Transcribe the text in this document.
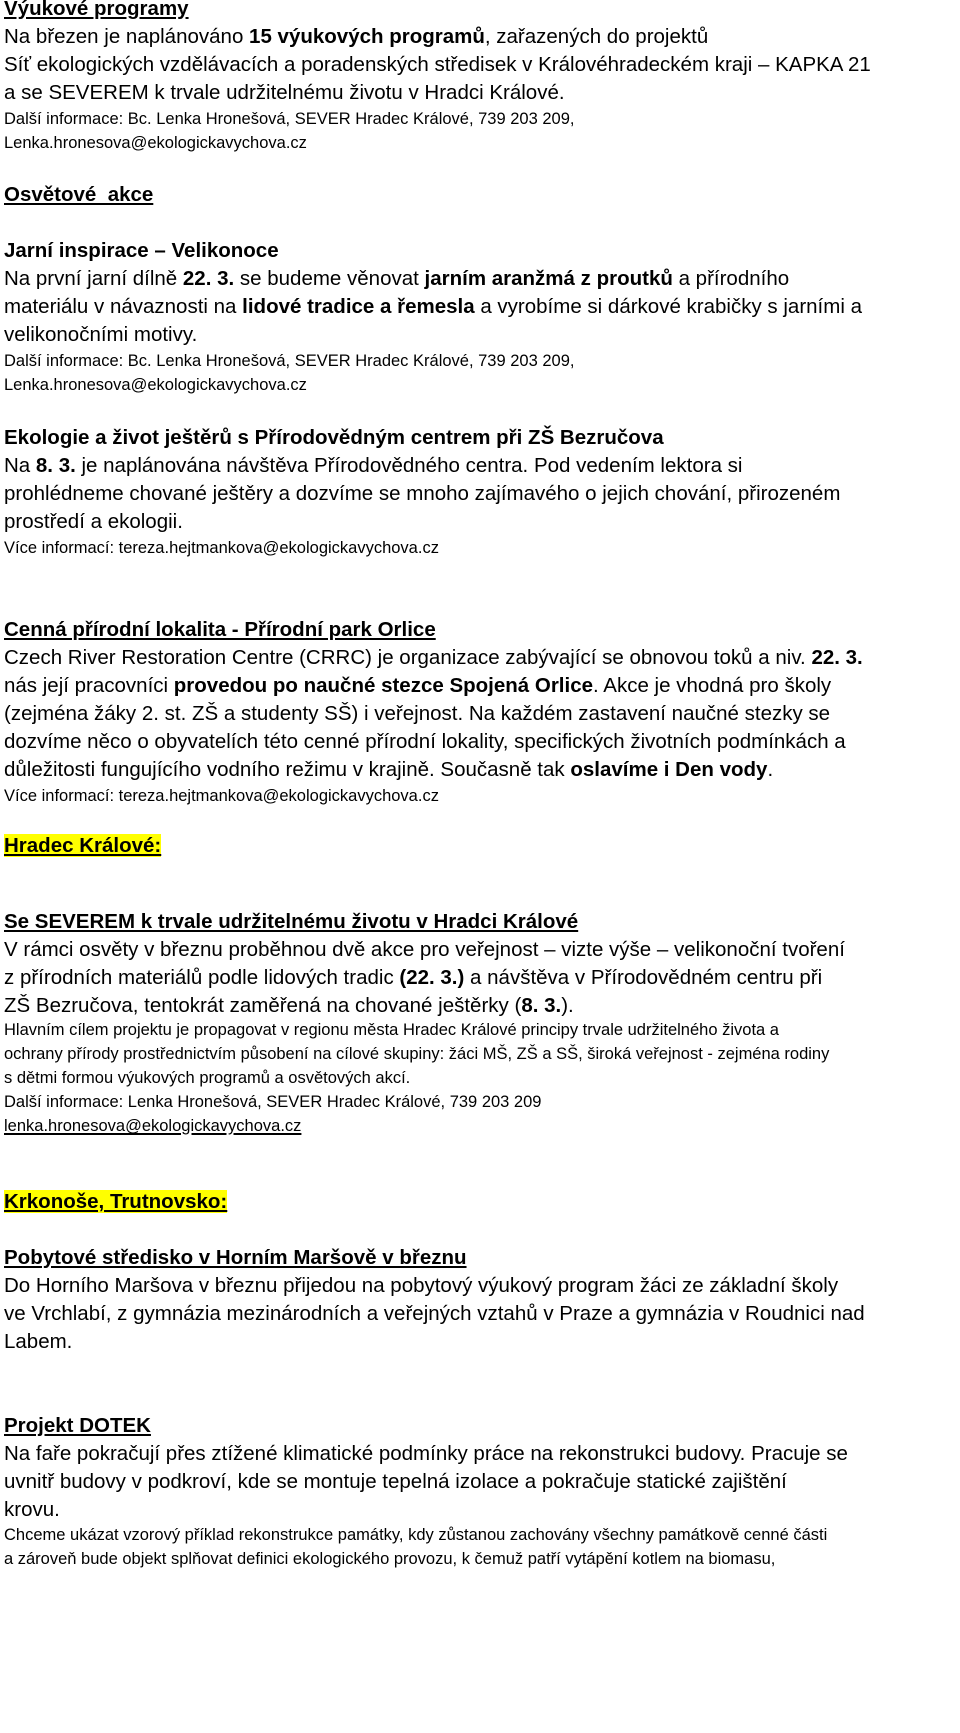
Výukové programy
Na březen je naplánováno 15 výukových programů, zařazených do projektů
Síť ekologických vzdělávacích a poradenských středisek v Královéhradeckém kraji – KAPKA 21
a se SEVEREM k trvale udržitelnému životu v Hradci Králové.
Další informace: Bc. Lenka Hronešová, SEVER Hradec Králové, 739 203 209,
Lenka.hronesova@ekologickavychova.cz
Osvětové  akce
Jarní inspirace – Velikonoce
Na první jarní dílně 22. 3. se budeme věnovat jarním aranžmá z proutků a přírodního
materiálu v návaznosti na lidové tradice a řemesla a vyrobíme si dárkové krabičky s jarními a
velikonočními motivy.
Další informace: Bc. Lenka Hronešová, SEVER Hradec Králové, 739 203 209,
Lenka.hronesova@ekologickavychova.cz
Ekologie a život ještěrů s Přírodovědným centrem při ZŠ Bezručova
Na 8. 3. je naplánována návštěva Přírodovědného centra. Pod vedením lektora si
prohlédneme chované ještěry a dozvíme se mnoho zajímavého o jejich chování, přirozeném
prostředí a ekologii.
Více informací: tereza.hejtmankova@ekologickavychova.cz
Cenná přírodní lokalita - Přírodní park Orlice
Czech River Restoration Centre (CRRC) je organizace zabývající se obnovou toků a niv. 22. 3.
nás její pracovníci provedou po naučné stezce Spojená Orlice. Akce je vhodná pro školy
(zejména žáky 2. st. ZŠ a studenty SŠ) i veřejnost. Na každém zastavení naučné stezky se
dozvíme něco o obyvatelích této cenné přírodní lokality, specifických životních podmínkách a
důležitosti fungujícího vodního režimu v krajině. Současně tak oslavíme i Den vody.
Více informací: tereza.hejtmankova@ekologickavychova.cz
Hradec Králové:
Se SEVEREM k trvale udržitelnému životu v Hradci Králové
V rámci osvěty v březnu proběhnou dvě akce pro veřejnost – vizte výše – velikonoční tvoření
z přírodních materiálů podle lidových tradic (22. 3.) a návštěva v Přírodovědném centru při
ZŠ Bezručova, tentokrát zaměřená na chované ještěrky (8. 3.).
Hlavním cílem projektu je propagovat v regionu města Hradec Králové principy trvale udržitelného života a
ochrany přírody prostřednictvím působení na cílové skupiny: žáci MŠ, ZŠ a SŠ, široká veřejnost - zejména rodiny
s dětmi formou výukových programů a osvětových akcí.
Další informace: Lenka Hronešová, SEVER Hradec Králové, 739 203 209
lenka.hronesova@ekologickavychova.cz
Krkonoše, Trutnovsko:
Pobytové středisko v Horním Maršově v březnu
Do Horního Maršova v březnu přijedou na pobytový výukový program žáci ze základní školy
ve Vrchlabí, z gymnázia mezinárodních a veřejných vztahů v Praze a gymnázia v Roudnici nad
Labem.
Projekt DOTEK
Na faře pokračují přes ztížené klimatické podmínky práce na rekonstrukci budovy. Pracuje se
uvnitř budovy v podkroví, kde se montuje tepelná izolace a pokračuje statické zajištění
krovu.
Chceme ukázat vzorový příklad rekonstrukce památky, kdy zůstanou zachovány všechny památkově cenné části
a zároveň bude objekt splňovat definici ekologického provozu, k čemuž patří vytápění kotlem na biomasu,
